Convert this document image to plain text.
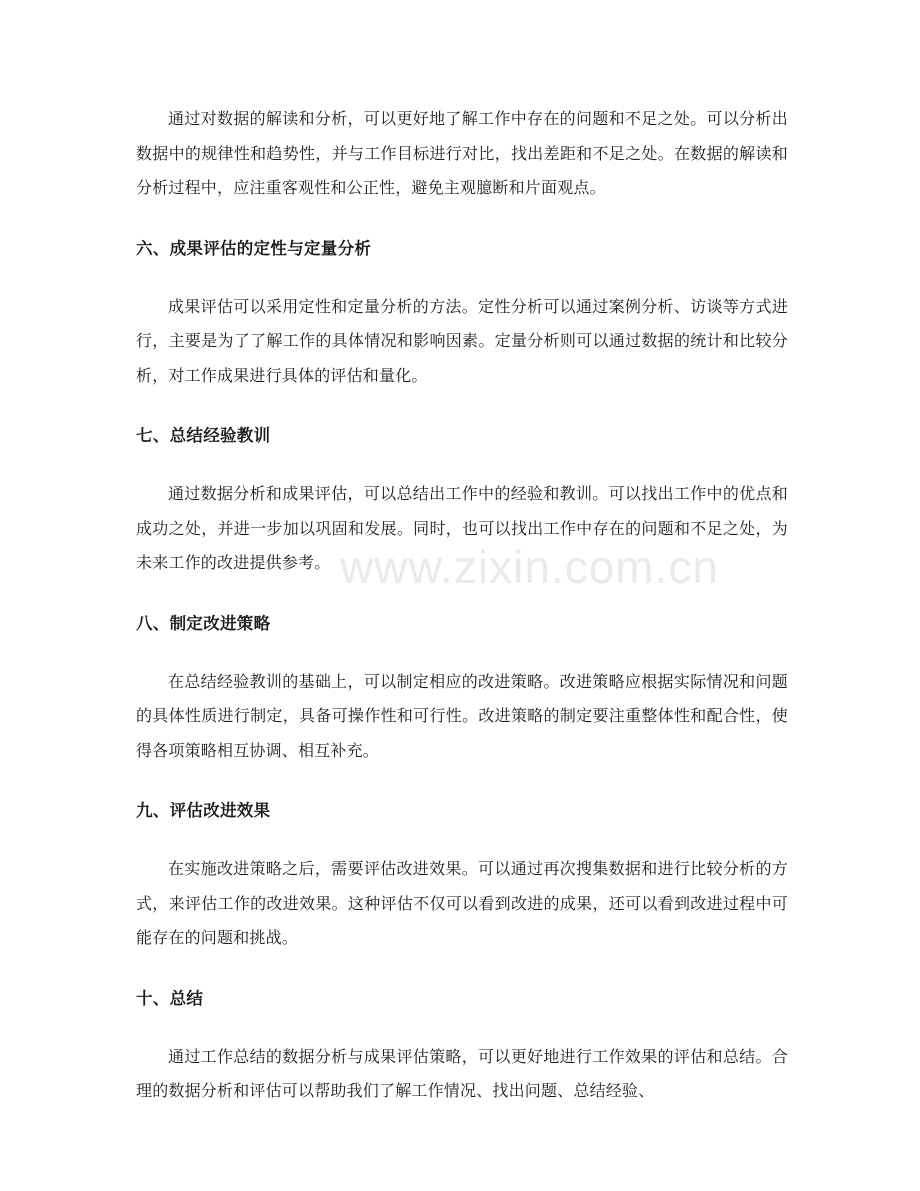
通过对数据的解读和分析，可以更好地了解工作中存在的问题和不足之处。可以分析出数据中的规律性和趋势性，并与工作目标进行对比，找出差距和不足之处。在数据的解读和分析过程中，应注重客观性和公正性，避免主观臆断和片面观点。

六、成果评估的定性与定量分析

成果评估可以采用定性和定量分析的方法。定性分析可以通过案例分析、访谈等方式进行，主要是为了了解工作的具体情况和影响因素。定量分析则可以通过数据的统计和比较分析，对工作成果进行具体的评估和量化。

七、总结经验教训

通过数据分析和成果评估，可以总结出工作中的经验和教训。可以找出工作中的优点和成功之处，并进一步加以巩固和发展。同时，也可以找出工作中存在的问题和不足之处，为未来工作的改进提供参考。

八、制定改进策略

在总结经验教训的基础上，可以制定相应的改进策略。改进策略应根据实际情况和问题的具体性质进行制定，具备可操作性和可行性。改进策略的制定要注重整体性和配合性，使得各项策略相互协调、相互补充。

九、评估改进效果

在实施改进策略之后，需要评估改进效果。可以通过再次搜集数据和进行比较分析的方式，来评估工作的改进效果。这种评估不仅可以看到改进的成果，还可以看到改进过程中可能存在的问题和挑战。

十、总结

通过工作总结的数据分析与成果评估策略，可以更好地进行工作效果的评估和总结。合理的数据分析和评估可以帮助我们了解工作情况、找出问题、总结经验、

www.zixin.com.cn
